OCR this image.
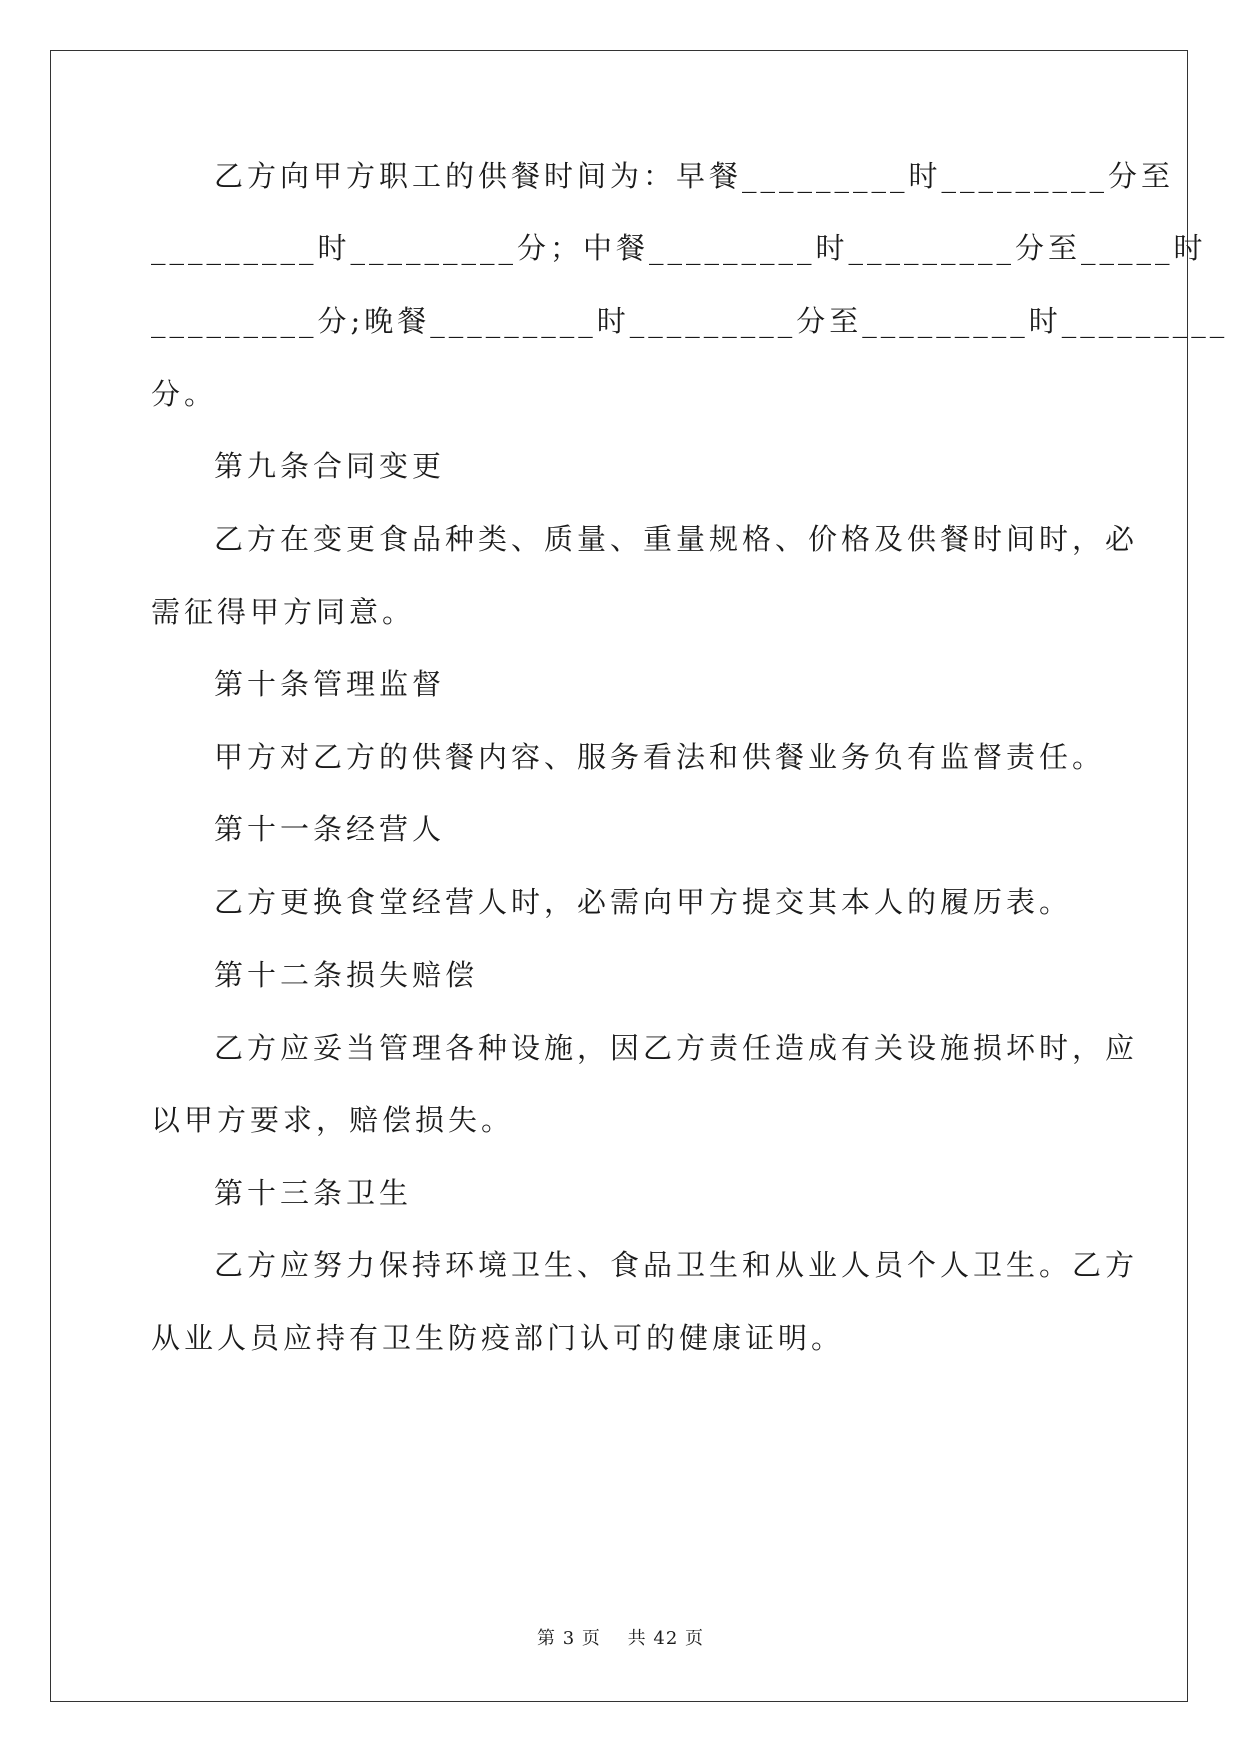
乙方向甲方职工的供餐时间为：早餐_________时_________分至
_________时_________分；中餐_________时_________分至_____时
_________分;晚餐_________时_________分至_________时_________
分。
第九条合同变更
乙方在变更食品种类、质量、重量规格、价格及供餐时间时，必
需征得甲方同意。
第十条管理监督
甲方对乙方的供餐内容、服务看法和供餐业务负有监督责任。
第十一条经营人
乙方更换食堂经营人时，必需向甲方提交其本人的履历表。
第十二条损失赔偿
乙方应妥当管理各种设施，因乙方责任造成有关设施损坏时，应
以甲方要求，赔偿损失。
第十三条卫生
乙方应努力保持环境卫生、食品卫生和从业人员个人卫生。乙方
从业人员应持有卫生防疫部门认可的健康证明。
第 3 页 共 42 页
